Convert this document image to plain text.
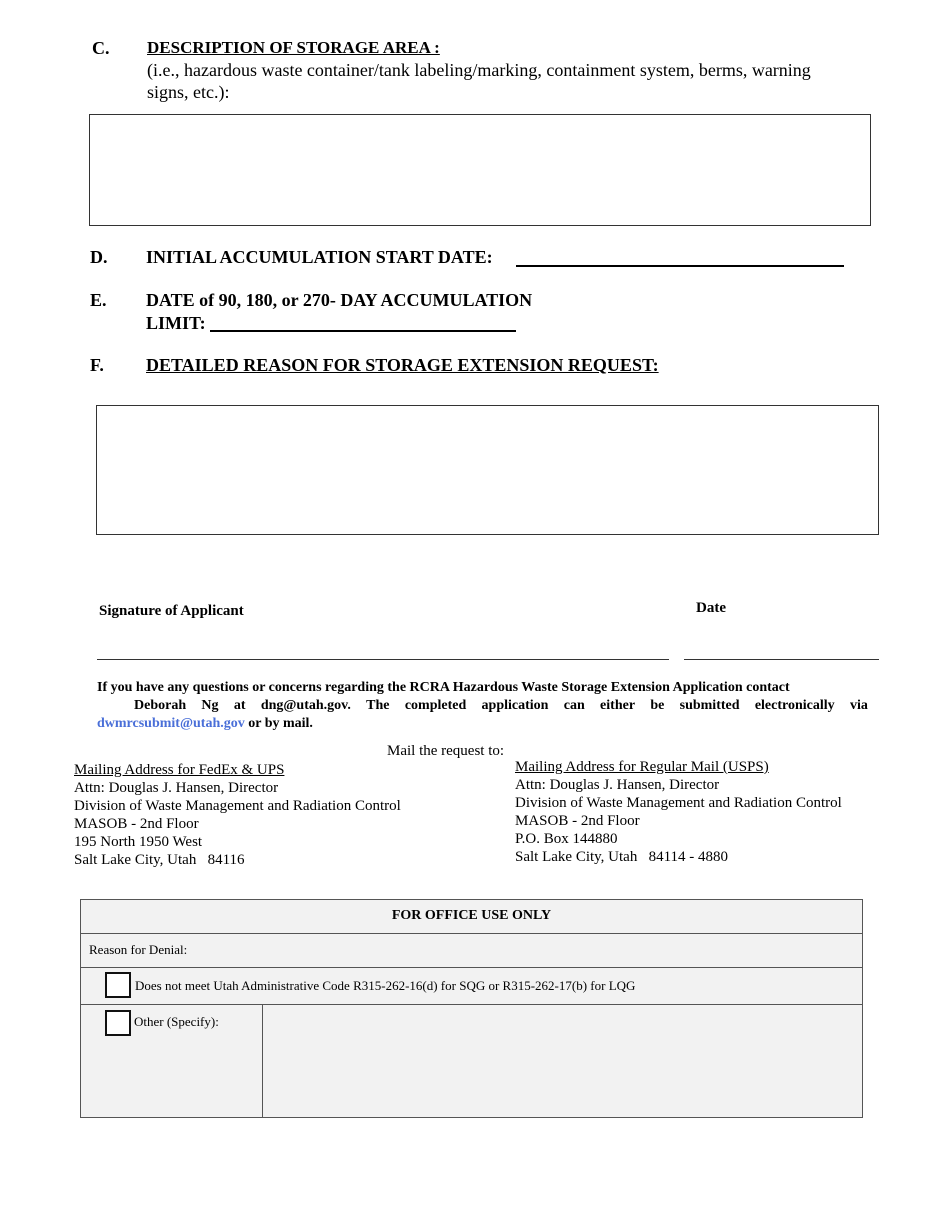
C. DESCRIPTION OF STORAGE AREA :
(i.e., hazardous waste container/tank labeling/marking, containment system, berms, warning
signs, etc.):
D. INITIAL ACCUMULATION START DATE:
E. DATE of 90, 180, or 270- DAY ACCUMULATION
LIMIT:
F. DETAILED REASON FOR STORAGE EXTENSION REQUEST:
Signature of Applicant	Date
If you have any questions or concerns regarding the RCRA Hazardous Waste Storage Extension Application contact
Deborah Ng at dng@utah.gov. The completed application can either be submitted electronically via
dwmrcsubmit@utah.gov or by mail.
Mail the request to:
Mailing Address for FedEx & UPS
Attn: Douglas J. Hansen, Director
Division of Waste Management and Radiation Control
MASOB - 2nd Floor
195 North 1950 West
Salt Lake City, Utah   84116
Mailing Address for Regular Mail (USPS)
Attn: Douglas J. Hansen, Director
Division of Waste Management and Radiation Control
MASOB - 2nd Floor
P.O. Box 144880
Salt Lake City, Utah   84114 - 4880
FOR OFFICE USE ONLY
Reason for Denial:
Does not meet Utah Administrative Code R315-262-16(d) for SQG or R315-262-17(b) for LQG
Other (Specify):
